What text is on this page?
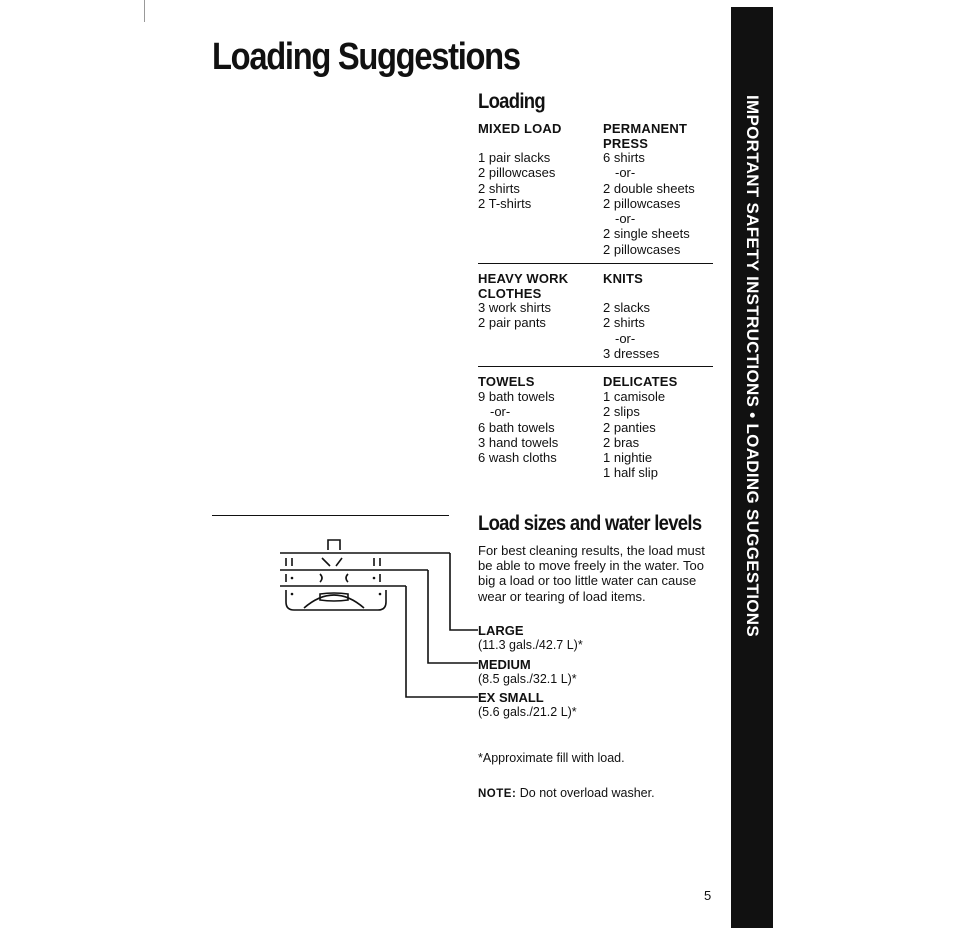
Loading Suggestions
IMPORTANT SAFETY INSTRUCTIONS • LOADING SUGGESTIONS
Loading
MIXED LOAD
1 pair slacks
2 pillowcases
2 shirts
2 T-shirts
PERMANENT PRESS
6 shirts
-or-
2 double sheets
2 pillowcases
-or-
2 single sheets
2 pillowcases
HEAVY WORK CLOTHES
3 work shirts
2 pair pants
KNITS
2 slacks
2 shirts
-or-
3 dresses
TOWELS
9 bath towels
-or-
6 bath towels
3 hand towels
6 wash cloths
DELICATES
1 camisole
2 slips
2 panties
2 bras
1 nightie
1 half slip
Load sizes and water levels
For best cleaning results, the load must be able to move freely in the water. Too big a load or too little water can cause wear or tearing of load items.
LARGE
(11.3 gals./42.7 L)*
MEDIUM
(8.5 gals./32.1 L)*
EX SMALL
(5.6 gals./21.2 L)*
*Approximate fill with load.
NOTE: Do not overload washer.
5
